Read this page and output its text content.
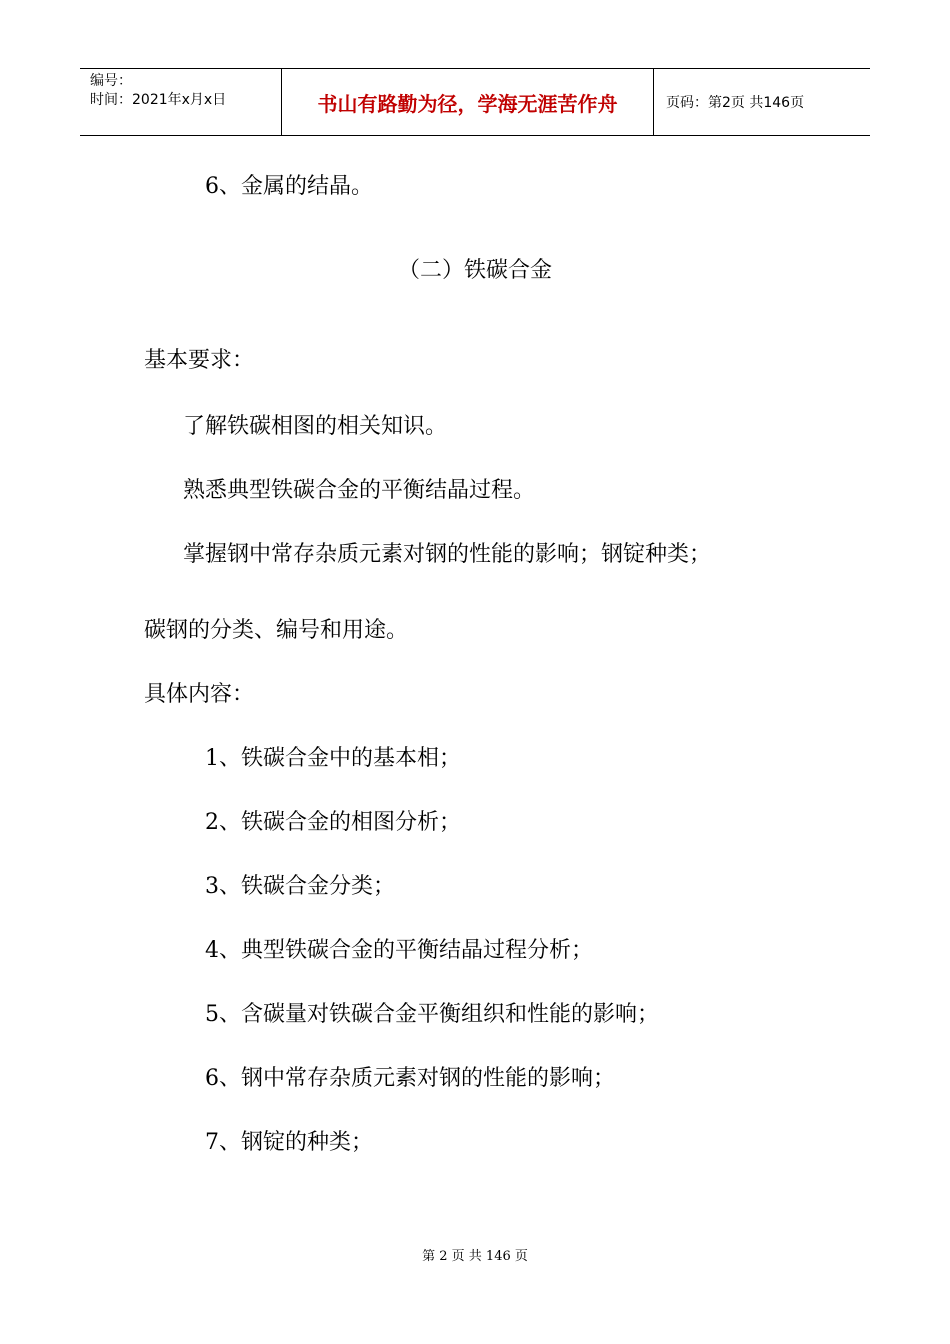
编号：
时间：2021年x月x日	书山有路勤为径，学海无涯苦作舟	页码：第2页 共146页
6、金属的结晶。
（二）铁碳合金
基本要求：
了解铁碳相图的相关知识。
熟悉典型铁碳合金的平衡结晶过程。
掌握钢中常存杂质元素对钢的性能的影响；钢锭种类；
碳钢的分类、编号和用途。
具体内容：
1、铁碳合金中的基本相；
2、铁碳合金的相图分析；
3、铁碳合金分类；
4、典型铁碳合金的平衡结晶过程分析；
5、含碳量对铁碳合金平衡组织和性能的影响；
6、钢中常存杂质元素对钢的性能的影响；
7、钢锭的种类；
第 2 页 共 146 页
